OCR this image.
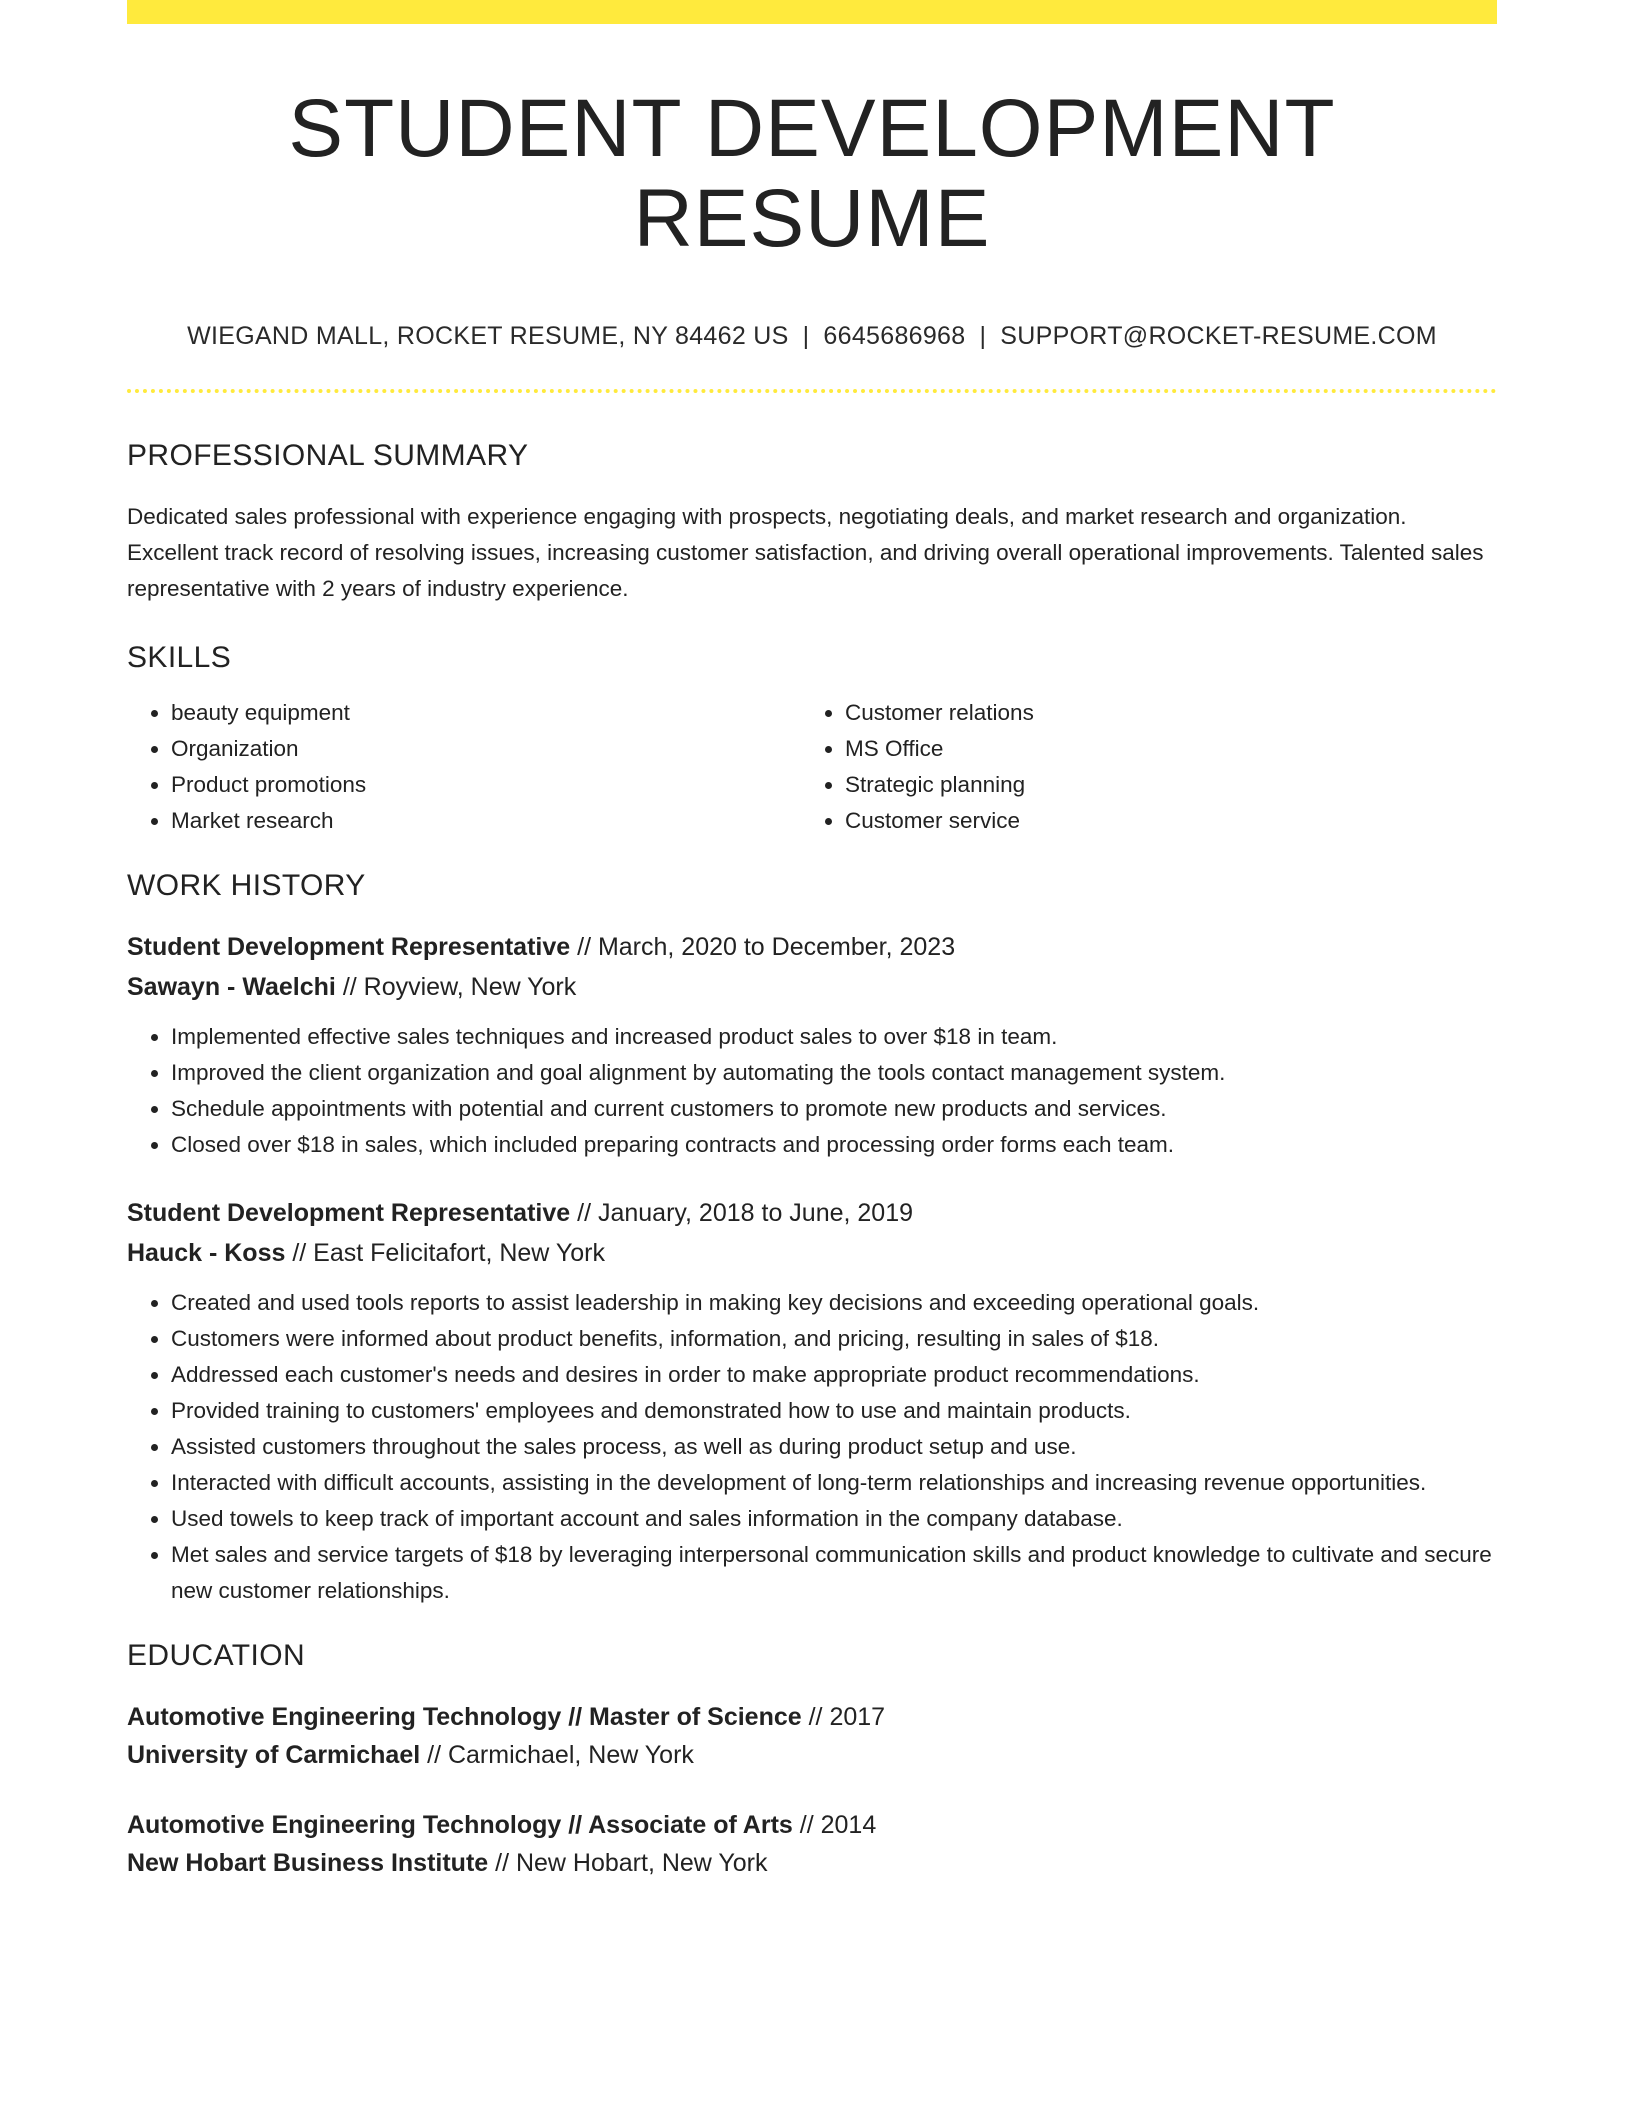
STUDENT DEVELOPMENT RESUME
WIEGAND MALL, ROCKET RESUME, NY 84462 US | 6645686968 | SUPPORT@ROCKET-RESUME.COM
PROFESSIONAL SUMMARY

Dedicated sales professional with experience engaging with prospects, negotiating deals, and market research and organization. Excellent track record of resolving issues, increasing customer satisfaction, and driving overall operational improvements. Talented sales representative with 2 years of industry experience.

SKILLS
• beauty equipment
• Organization
• Product promotions
• Market research
• Customer relations
• MS Office
• Strategic planning
• Customer service
WORK HISTORY
Student Development Representative // March, 2020 to December, 2023
Sawayn - Waelchi // Royview, New York
• Implemented effective sales techniques and increased product sales to over $18 in team.
• Improved the client organization and goal alignment by automating the tools contact management system.
• Schedule appointments with potential and current customers to promote new products and services.
• Closed over $18 in sales, which included preparing contracts and processing order forms each team.
Student Development Representative // January, 2018 to June, 2019
Hauck - Koss // East Felicitafort, New York
• Created and used tools reports to assist leadership in making key decisions and exceeding operational goals.
• Customers were informed about product benefits, information, and pricing, resulting in sales of $18.
• Addressed each customer's needs and desires in order to make appropriate product recommendations.
• Provided training to customers' employees and demonstrated how to use and maintain products.
• Assisted customers throughout the sales process, as well as during product setup and use.
• Interacted with difficult accounts, assisting in the development of long-term relationships and increasing revenue opportunities.
• Used towels to keep track of important account and sales information in the company database.
• Met sales and service targets of $18 by leveraging interpersonal communication skills and product knowledge to cultivate and secure new customer relationships.
EDUCATION
Automotive Engineering Technology // Master of Science // 2017
University of Carmichael // Carmichael, New York
Automotive Engineering Technology // Associate of Arts // 2014
New Hobart Business Institute // New Hobart, New York
